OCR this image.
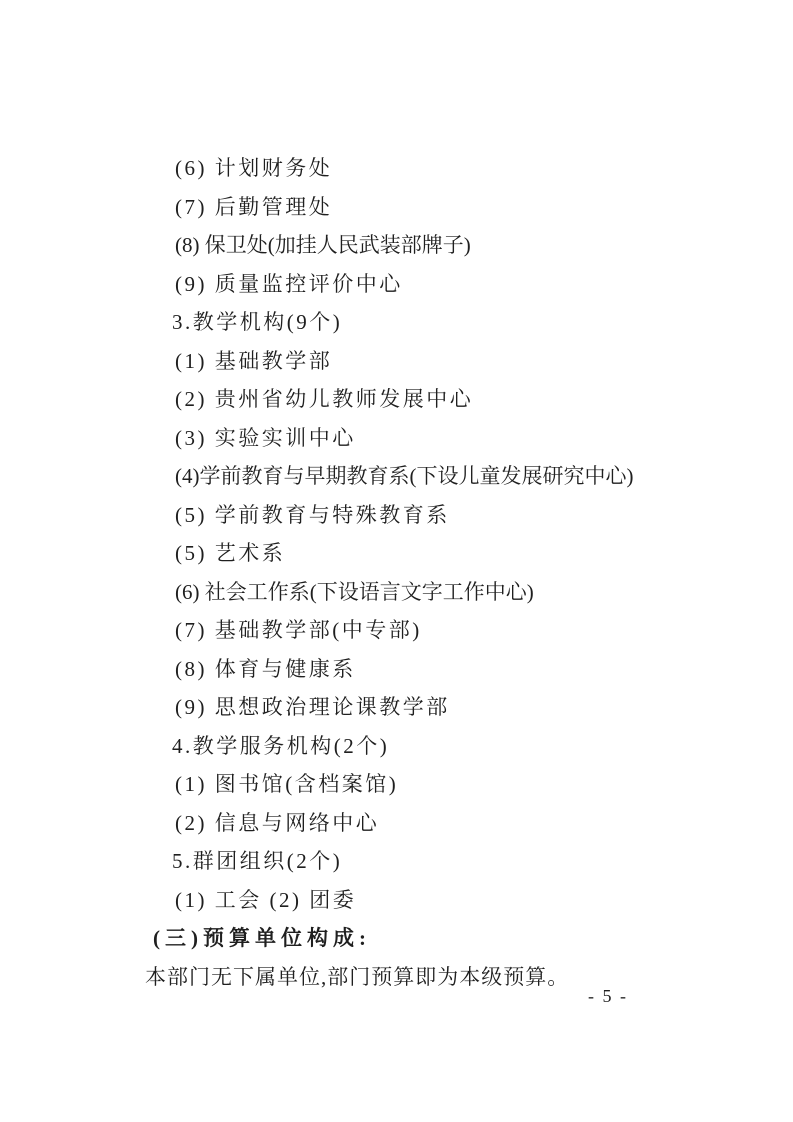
(6) 计划财务处

(7) 后勤管理处

(8) 保卫处(加挂人民武装部牌子)

(9) 质量监控评价中心

3.教学机构(9个)

(1) 基础教学部

(2) 贵州省幼儿教师发展中心

(3) 实验实训中心

(4)学前教育与早期教育系(下设儿童发展研究中心)

(5) 学前教育与特殊教育系

(5) 艺术系

(6) 社会工作系(下设语言文字工作中心)

(7) 基础教学部(中专部)

(8) 体育与健康系

(9) 思想政治理论课教学部

4.教学服务机构(2个)

(1) 图书馆(含档案馆)

(2) 信息与网络中心

5.群团组织(2个)

(1) 工会 (2) 团委

(三)预算单位构成:

本部门无下属单位,部门预算即为本级预算。

- 5 -
